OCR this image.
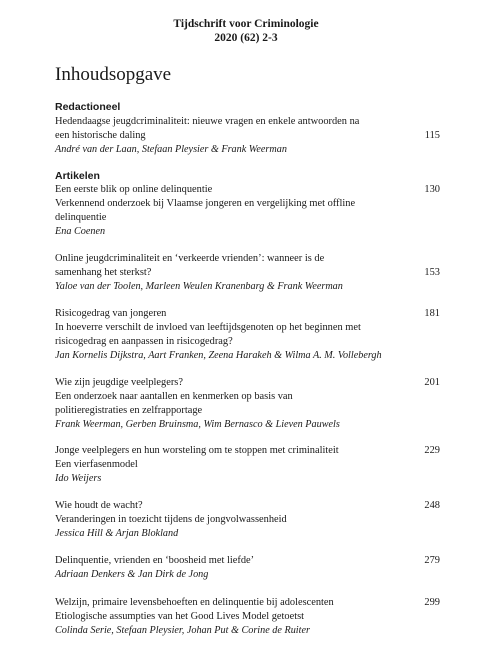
Tijdschrift voor Criminologie
2020 (62) 2-3
Inhoudsopgave
Redactioneel
Hedendaagse jeugdcriminaliteit: nieuwe vragen en enkele antwoorden na
een historische daling
André van der Laan, Stefaan Pleysier & Frank Weerman
115
Artikelen
Een eerste blik op online delinquentie
Verkennend onderzoek bij Vlaamse jongeren en vergelijking met offline
delinquentie
Ena Coenen
130
Online jeugdcriminaliteit en ‘verkeerde vrienden’: wanneer is de
samenhang het sterkst?
Yaloe van der Toolen, Marleen Weulen Kranenbarg & Frank Weerman
153
Risicogedrag van jongeren
In hoeverre verschilt de invloed van leeftijdsgenoten op het beginnen met
risicogedrag en aanpassen in risicogedrag?
Jan Kornelis Dijkstra, Aart Franken, Zeena Harakeh & Wilma A. M. Vollebergh
181
Wie zijn jeugdige veelplegers?
Een onderzoek naar aantallen en kenmerken op basis van
politieregistraties en zelfrapportage
Frank Weerman, Gerben Bruinsma, Wim Bernasco & Lieven Pauwels
201
Jonge veelplegers en hun worsteling om te stoppen met criminaliteit
Een vierfasenmodel
Ido Weijers
229
Wie houdt de wacht?
Veranderingen in toezicht tijdens de jongvolwassenheid
Jessica Hill & Arjan Blokland
248
Delinquentie, vrienden en ‘boosheid met liefde’
Adriaan Denkers & Jan Dirk de Jong
279
Welzijn, primaire levensbehoeften en delinquentie bij adolescenten
Etiologische assumpties van het Good Lives Model getoetst
Colinda Serie, Stefaan Pleysier, Johan Put & Corine de Ruiter
299
